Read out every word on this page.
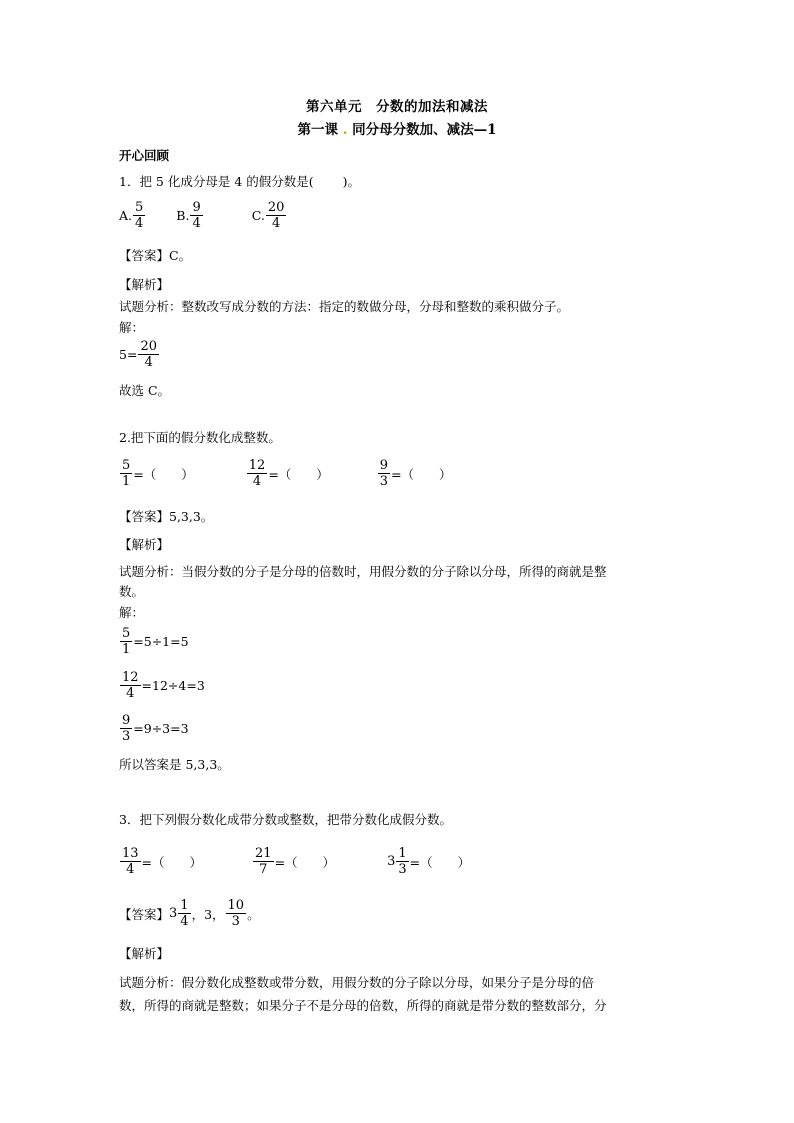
第六单元　分数的加法和减法
第一课 . 同分母分数加、减法—1
开心回顾
1．把 5 化成分母是 4 的假分数是(　　 )。
A. $\frac{5}{4} B$. $\frac{9}{4}$	C. $\frac{20}{4}$
【答案】C。
【解析】
试题分析：整数改写成分数的方法：指定的数做分母，分母和整数的乘积做分子。
解：
$5= \frac{20}{4}$
故选 C。
2.把下面的假分数化成整数。
$\frac{5}{1}$ =（　　）	$\frac{12}{4}$ =（　　）	$\frac{9}{3}$ =（　　）
【答案】5,3,3。
【解析】
试题分析：当假分数的分子是分母的倍数时，用假分数的分子除以分母，所得的商就是整
数。
解：
$\frac{5}{1} =5\div 1=5$
$\frac{12}{4} =12\div 4=3$
$\frac{9}{3} =9\div 3=3$
所以答案是 5,3,3。
3．把下列假分数化成带分数或整数，把带分数化成假分数。
$\frac{13}{4}$ =（　　）	$\frac{21}{7}$ =（　　）	$3 \frac{1}{3}$ =（　　）
【答案】 $3 \frac{1}{4}$ ，3， $\frac{10}{3}$ 。
【解析】
试题分析：假分数化成整数或带分数，用假分数的分子除以分母，如果分子是分母的倍
数，所得的商就是整数；如果分子不是分母的倍数，所得的商就是带分数的整数部分，分
